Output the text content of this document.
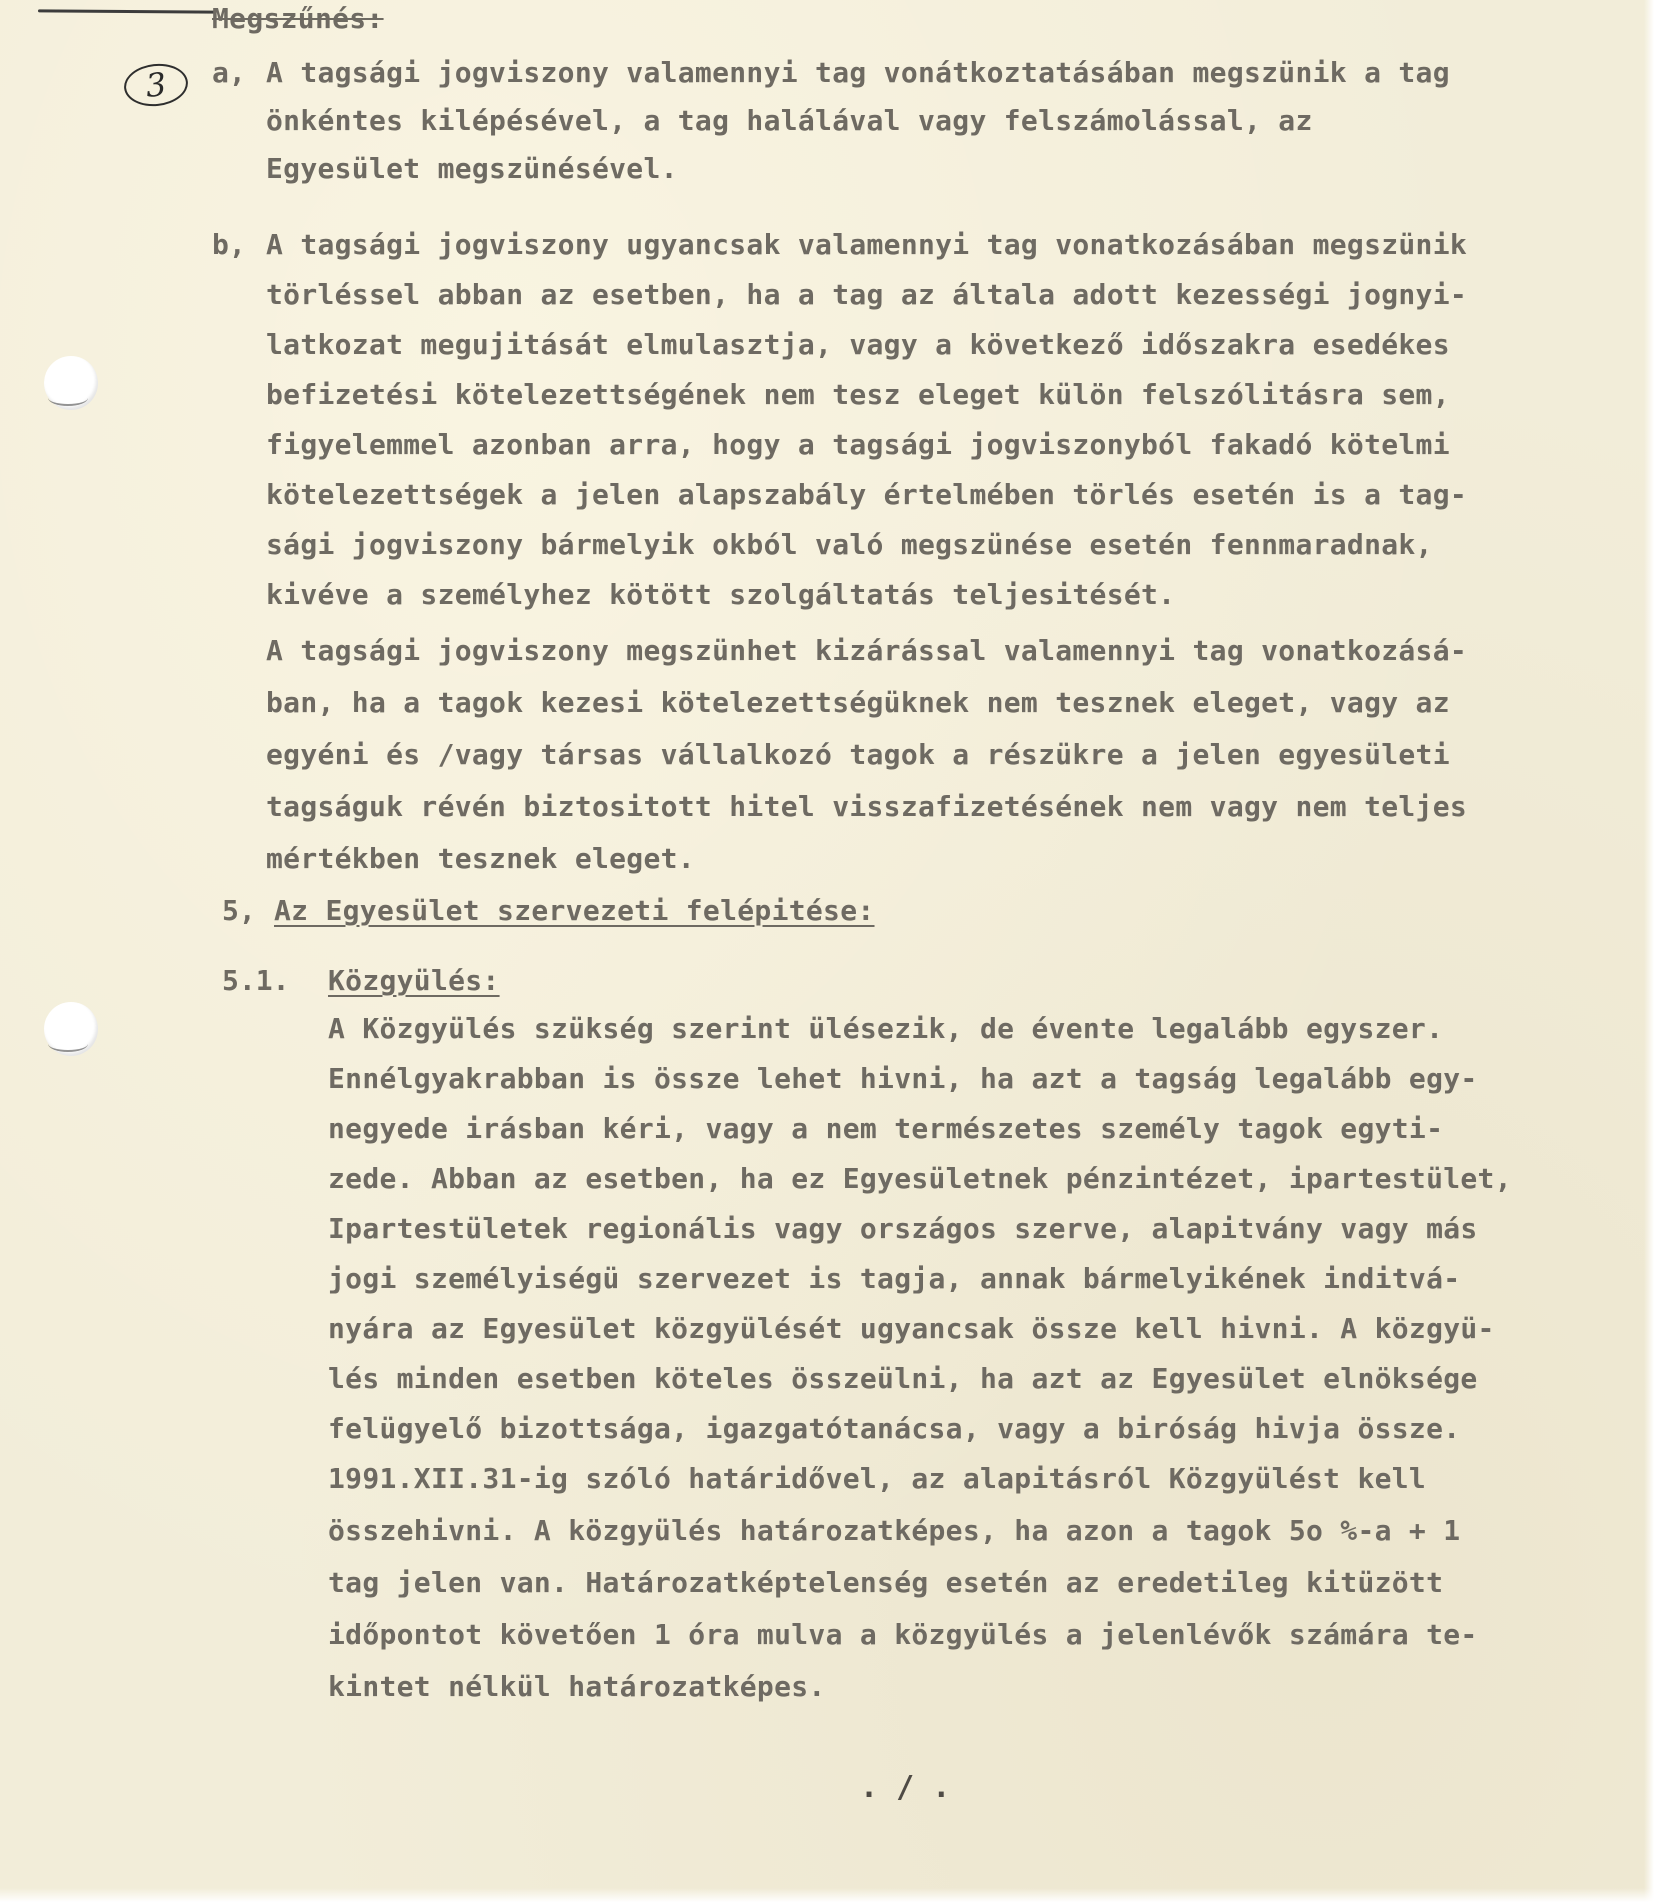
Megszűnés:
3	a, A tagsági jogviszony valamennyi tag vonátkoztatásában megszünik a tag
önkéntes kilépésével, a tag halálával vagy felszámolással, az
Egyesület megszünésével.
b, A tagsági jogviszony ugyancsak valamennyi tag vonatkozásában megszünik
törléssel abban az esetben, ha a tag az általa adott kezességi jognyi-
latkozat megujitását elmulasztja, vagy a következő időszakra esedékes
befizetési kötelezettségének nem tesz eleget külön felszólitásra sem,
figyelemmel azonban arra, hogy a tagsági jogviszonyból fakadó kötelmi
kötelezettségek a jelen alapszabály értelmében törlés esetén is a tag-
sági jogviszony bármelyik okból való megszünése esetén fennmaradnak,
kivéve a személyhez kötött szolgáltatás teljesitését.
A tagsági jogviszony megszünhet kizárással valamennyi tag vonatkozásá-
ban, ha a tagok kezesi kötelezettségüknek nem tesznek eleget, vagy az
egyéni és /vagy társas vállalkozó tagok a részükre a jelen egyesületi
tagságuk révén biztositott hitel visszafizetésének nem vagy nem teljes
mértékben tesznek eleget.
5, Az Egyesület szervezeti felépitése:
5.1. Közgyülés:
A Közgyülés szükség szerint ülésezik, de évente legalább egyszer.
Ennélgyakrabban is össze lehet hivni, ha azt a tagság legalább egy-
negyede irásban kéri, vagy a nem természetes személy tagok egyti-
zede. Abban az esetben, ha ez Egyesületnek pénzintézet, ipartestület,
Ipartestületek regionális vagy országos szerve, alapitvány vagy más
jogi személyiségü szervezet is tagja, annak bármelyikének inditvá-
nyára az Egyesület közgyülését ugyancsak össze kell hivni. A közgyü-
lés minden esetben köteles összeülni, ha azt az Egyesület elnöksége
felügyelő bizottsága, igazgatótanácsa, vagy a biróság hivja össze.
1991.XII.31-ig szóló határidővel, az alapitásról Közgyülést kell
összehivni. A közgyülés határozatképes, ha azon a tagok 5o %-a + 1
tag jelen van. Határozatképtelenség esetén az eredetileg kitüzött
időpontot követően 1 óra mulva a közgyülés a jelenlévők számára te-
kintet nélkül határozatképes.
. / .
